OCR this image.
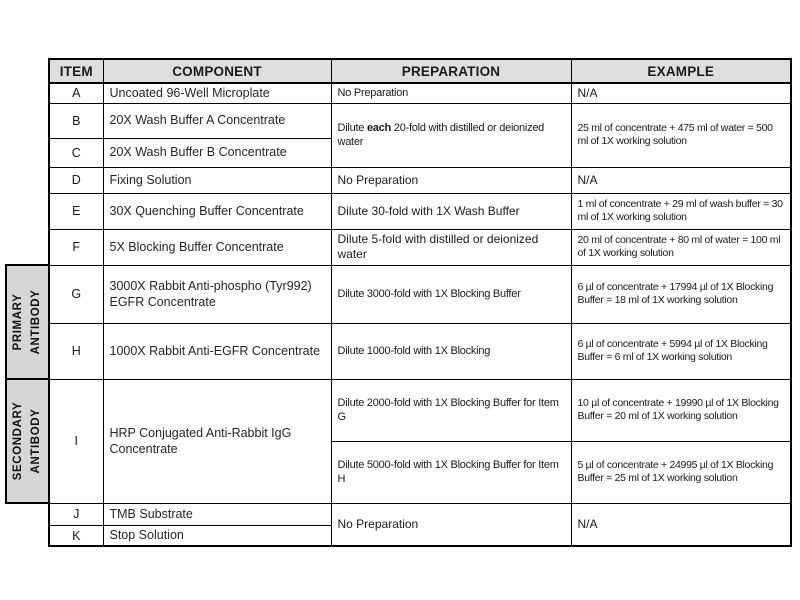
	ITEM	COMPONENT	PREPARATION	EXAMPLE
	A	Uncoated 96-Well Microplate	No Preparation	N/A
	B	20X Wash Buffer A Concentrate	Dilute each 20-fold with distilled or deionized water	25 ml of concentrate + 475 ml of water = 500 ml of 1X working solution
	C	20X Wash Buffer B Concentrate		
	D	Fixing Solution	No Preparation	N/A
	E	30X Quenching Buffer Concentrate	Dilute 30-fold with 1X Wash Buffer	1 ml of concentrate + 29 ml of wash buffer = 30 ml of 1X working solution
	F	5X Blocking Buffer Concentrate	Dilute 5-fold with distilled or deionized water	20 ml of concentrate + 80 ml of water = 100 ml of 1X working solution

PRIMARY ANTIBODY	G	3000X Rabbit Anti-phospho (Tyr992) EGFR Concentrate	Dilute 3000-fold with 1X Blocking Buffer	6 µl of concentrate + 17994 µl of 1X Blocking Buffer = 18 ml of 1X working solution
	H	1000X Rabbit Anti-EGFR Concentrate	Dilute 1000-fold with 1X Blocking	6 µl of concentrate + 5994 µl of 1X Blocking Buffer = 6 ml of 1X working solution

SECONDARY ANTIBODY	I	HRP Conjugated Anti-Rabbit IgG Concentrate	Dilute 2000-fold with 1X Blocking Buffer for Item G	10 µl of concentrate + 19990 µl of 1X Blocking Buffer = 20 ml of 1X working solution
			Dilute 5000-fold with 1X Blocking Buffer for Item H	5 µl of concentrate + 24995 µl of 1X Blocking Buffer = 25 ml of 1X working solution
	J	TMB Substrate	No Preparation	N/A
	K	Stop Solution		
